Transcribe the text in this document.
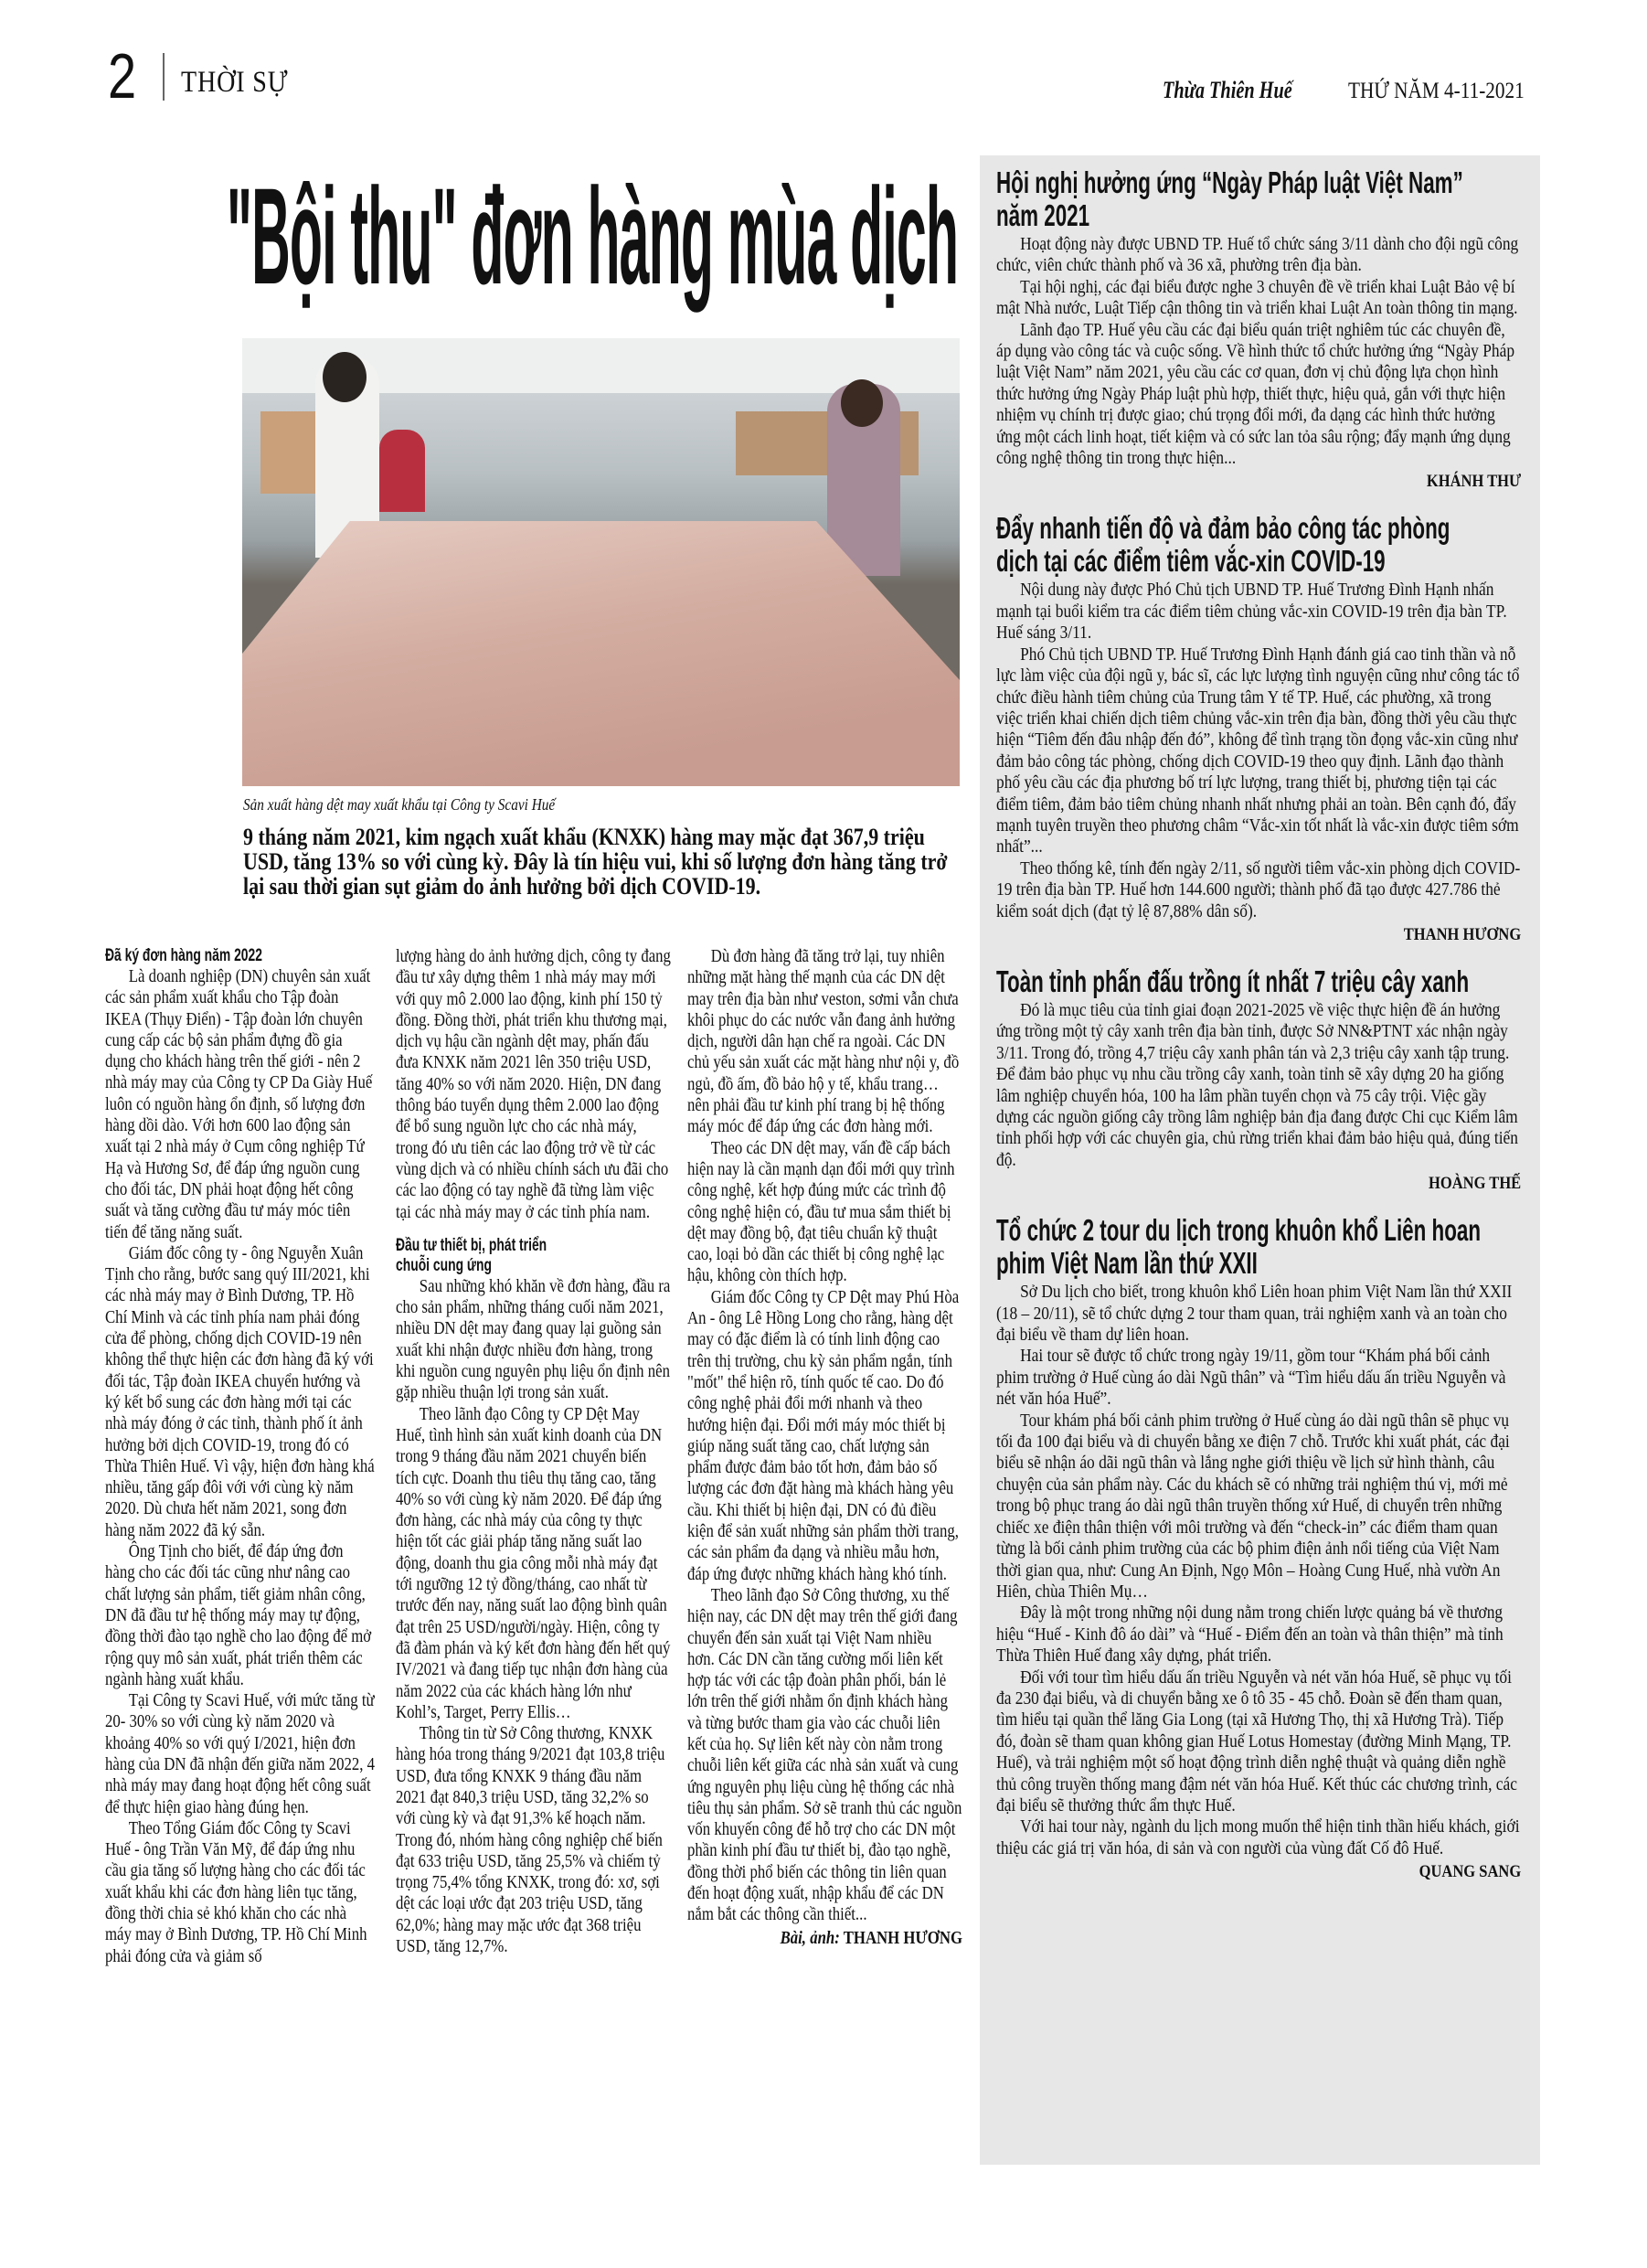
2 THỜI SỰ	Thừa Thiên Huế THỨ NĂM 4-11-2021
"Bội thu" đơn hàng mùa dịch
Sản xuất hàng dệt may xuất khẩu tại Công ty Scavi Huế
9 tháng năm 2021, kim ngạch xuất khẩu (KNXK) hàng may mặc đạt 367,9 triệu USD, tăng 13% so với cùng kỳ. Đây là tín hiệu vui, khi số lượng đơn hàng tăng trở lại sau thời gian sụt giảm do ảnh hưởng bởi dịch COVID-19.
Đã ký đơn hàng năm 2022

Là doanh nghiệp (DN) chuyên sản xuất các sản phẩm xuất khẩu cho Tập đoàn IKEA (Thụy Điển) - Tập đoàn lớn chuyên cung cấp các bộ sản phẩm đựng đồ gia dụng cho khách hàng trên thế giới - nên 2 nhà máy may của Công ty CP Da Giày Huế luôn có nguồn hàng ổn định, số lượng đơn hàng dồi dào. Với hơn 600 lao động sản xuất tại 2 nhà máy ở Cụm công nghiệp Tứ Hạ và Hương Sơ, để đáp ứng nguồn cung cho đối tác, DN phải hoạt động hết công suất và tăng cường đầu tư máy móc tiên tiến để tăng năng suất.

Giám đốc công ty - ông Nguyễn Xuân Tịnh cho rằng, bước sang quý III/2021, khi các nhà máy may ở Bình Dương, TP. Hồ Chí Minh và các tỉnh phía nam phải đóng cửa để phòng, chống dịch COVID-19 nên không thể thực hiện các đơn hàng đã ký với đối tác, Tập đoàn IKEA chuyển hướng và ký kết bổ sung các đơn hàng mới tại các nhà máy đóng ở các tỉnh, thành phố ít ảnh hưởng bởi dịch COVID-19, trong đó có Thừa Thiên Huế. Vì vậy, hiện đơn hàng khá nhiều, tăng gấp đôi với với cùng kỳ năm 2020. Dù chưa hết năm 2021, song đơn hàng năm 2022 đã ký sẵn.

Ông Tịnh cho biết, để đáp ứng đơn hàng cho các đối tác cũng như nâng cao chất lượng sản phẩm, tiết giảm nhân công, DN đã đầu tư hệ thống máy may tự động, đồng thời đào tạo nghề cho lao động để mở rộng quy mô sản xuất, phát triển thêm các ngành hàng xuất khẩu.

Tại Công ty Scavi Huế, với mức tăng từ 20- 30% so với cùng kỳ năm 2020 và khoảng 40% so với quý I/2021, hiện đơn hàng của DN đã nhận đến giữa năm 2022, 4 nhà máy may đang hoạt động hết công suất để thực hiện giao hàng đúng hẹn.

Theo Tổng Giám đốc Công ty Scavi Huế - ông Trần Văn Mỹ, để đáp ứng nhu cầu gia tăng số lượng hàng cho các đối tác xuất khẩu khi các đơn hàng liên tục tăng, đồng thời chia sẻ khó khăn cho các nhà máy may ở Bình Dương, TP. Hồ Chí Minh phải đóng cửa và giảm số

lượng hàng do ảnh hưởng dịch, công ty đang đầu tư xây dựng thêm 1 nhà máy may mới với quy mô 2.000 lao động, kinh phí 150 tỷ đồng. Đồng thời, phát triển khu thương mại, dịch vụ hậu cần ngành dệt may, phấn đấu đưa KNXK năm 2021 lên 350 triệu USD, tăng 40% so với năm 2020. Hiện, DN đang thông báo tuyển dụng thêm 2.000 lao động để bổ sung nguồn lực cho các nhà máy, trong đó ưu tiên các lao động trở về từ các vùng dịch và có nhiều chính sách ưu đãi cho các lao động có tay nghề đã từng làm việc tại các nhà máy may ở các tỉnh phía nam.

Đầu tư thiết bị, phát triển chuỗi cung ứng

Sau những khó khăn về đơn hàng, đầu ra cho sản phẩm, những tháng cuối năm 2021, nhiều DN dệt may đang quay lại guồng sản xuất khi nhận được nhiều đơn hàng, trong khi nguồn cung nguyên phụ liệu ổn định nên gặp nhiều thuận lợi trong sản xuất.

Theo lãnh đạo Công ty CP Dệt May Huế, tình hình sản xuất kinh doanh của DN trong 9 tháng đầu năm 2021 chuyển biến tích cực. Doanh thu tiêu thụ tăng cao, tăng 40% so với cùng kỳ năm 2020. Để đáp ứng đơn hàng, các nhà máy của công ty thực hiện tốt các giải pháp tăng năng suất lao động, doanh thu gia công mỗi nhà máy đạt tới ngưỡng 12 tỷ đồng/tháng, cao nhất từ trước đến nay, năng suất lao động bình quân đạt trên 25 USD/người/ngày. Hiện, công ty đã đàm phán và ký kết đơn hàng đến hết quý IV/2021 và đang tiếp tục nhận đơn hàng của năm 2022 của các khách hàng lớn như Kohl’s, Target, Perry Ellis…

Thông tin từ Sở Công thương, KNXK hàng hóa trong tháng 9/2021 đạt 103,8 triệu USD, đưa tổng KNXK 9 tháng đầu năm 2021 đạt 840,3 triệu USD, tăng 32,2% so với cùng kỳ và đạt 91,3% kế hoạch năm. Trong đó, nhóm hàng công nghiệp chế biến đạt 633 triệu USD, tăng 25,5% và chiếm tỷ trọng 75,4% tổng KNXK, trong đó: xơ, sợi dệt các loại ước đạt 203 triệu USD, tăng 62,0%; hàng may mặc ước đạt 368 triệu USD, tăng 12,7%.

Dù đơn hàng đã tăng trở lại, tuy nhiên những mặt hàng thế mạnh của các DN dệt may trên địa bàn như veston, sơmi vẫn chưa khôi phục do các nước vẫn đang ảnh hưởng dịch, người dân hạn chế ra ngoài. Các DN chủ yếu sản xuất các mặt hàng như nội y, đồ ngủ, đồ ấm, đồ bảo hộ y tế, khẩu trang… nên phải đầu tư kinh phí trang bị hệ thống máy móc để đáp ứng các đơn hàng mới.

Theo các DN dệt may, vấn đề cấp bách hiện nay là cần mạnh dạn đổi mới quy trình công nghệ, kết hợp đúng mức các trình độ công nghệ hiện có, đầu tư mua sắm thiết bị dệt may đồng bộ, đạt tiêu chuẩn kỹ thuật cao, loại bỏ dần các thiết bị công nghệ lạc hậu, không còn thích hợp.

Giám đốc Công ty CP Dệt may Phú Hòa An - ông Lê Hồng Long cho rằng, hàng dệt may có đặc điểm là có tính linh động cao trên thị trường, chu kỳ sản phẩm ngắn, tính "mốt" thể hiện rõ, tính quốc tế cao. Do đó công nghệ phải đổi mới nhanh và theo hướng hiện đại. Đổi mới máy móc thiết bị giúp năng suất tăng cao, chất lượng sản phẩm được đảm bảo tốt hơn, đảm bảo số lượng các đơn đặt hàng mà khách hàng yêu cầu. Khi thiết bị hiện đại, DN có đủ điều kiện để sản xuất những sản phẩm thời trang, các sản phẩm đa dạng và nhiều mẫu hơn, đáp ứng được những khách hàng khó tính.

Theo lãnh đạo Sở Công thương, xu thế hiện nay, các DN dệt may trên thế giới đang chuyển đến sản xuất tại Việt Nam nhiều hơn. Các DN cần tăng cường mối liên kết hợp tác với các tập đoàn phân phối, bán lẻ lớn trên thế giới nhằm ổn định khách hàng và từng bước tham gia vào các chuỗi liên kết của họ. Sự liên kết này còn nằm trong chuỗi liên kết giữa các nhà sản xuất và cung ứng nguyên phụ liệu cùng hệ thống các nhà tiêu thụ sản phẩm. Sở sẽ tranh thủ các nguồn vốn khuyến công để hỗ trợ cho các DN một phần kinh phí đầu tư thiết bị, đào tạo nghề, đồng thời phổ biến các thông tin liên quan đến hoạt động xuất, nhập khẩu để các DN nắm bắt các thông cần thiết...

Bài, ảnh: THANH HƯƠNG
Hội nghị hưởng ứng “Ngày Pháp luật Việt Nam” năm 2021

Hoạt động này được UBND TP. Huế tổ chức sáng 3/11 dành cho đội ngũ công chức, viên chức thành phố và 36 xã, phường trên địa bàn.

Tại hội nghị, các đại biểu được nghe 3 chuyên đề về triển khai Luật Bảo vệ bí mật Nhà nước, Luật Tiếp cận thông tin và triển khai Luật An toàn thông tin mạng.

Lãnh đạo TP. Huế yêu cầu các đại biểu quán triệt nghiêm túc các chuyên đề, áp dụng vào công tác và cuộc sống. Về hình thức tổ chức hưởng ứng “Ngày Pháp luật Việt Nam” năm 2021, yêu cầu các cơ quan, đơn vị chủ động lựa chọn hình thức hưởng ứng Ngày Pháp luật phù hợp, thiết thực, hiệu quả, gắn với thực hiện nhiệm vụ chính trị được giao; chú trọng đổi mới, đa dạng các hình thức hưởng ứng một cách linh hoạt, tiết kiệm và có sức lan tỏa sâu rộng; đẩy mạnh ứng dụng công nghệ thông tin trong thực hiện...

KHÁNH THƯ
Đẩy nhanh tiến độ và đảm bảo công tác phòng dịch tại các điểm tiêm vắc-xin COVID-19

Nội dung này được Phó Chủ tịch UBND TP. Huế Trương Đình Hạnh nhấn mạnh tại buổi kiểm tra các điểm tiêm chủng vắc-xin COVID-19 trên địa bàn TP. Huế sáng 3/11.

Phó Chủ tịch UBND TP. Huế Trương Đình Hạnh đánh giá cao tinh thần và nỗ lực làm việc của đội ngũ y, bác sĩ, các lực lượng tình nguyện cũng như công tác tổ chức điều hành tiêm chủng của Trung tâm Y tế TP. Huế, các phường, xã trong việc triển khai chiến dịch tiêm chủng vắc-xin trên địa bàn, đồng thời yêu cầu thực hiện “Tiêm đến đâu nhập đến đó”, không để tình trạng tồn đọng vắc-xin cũng như đảm bảo công tác phòng, chống dịch COVID-19 theo quy định. Lãnh đạo thành phố yêu cầu các địa phương bố trí lực lượng, trang thiết bị, phương tiện tại các điểm tiêm, đảm bảo tiêm chủng nhanh nhất nhưng phải an toàn. Bên cạnh đó, đẩy mạnh tuyên truyền theo phương châm “Vắc-xin tốt nhất là vắc-xin được tiêm sớm nhất”...

Theo thống kê, tính đến ngày 2/11, số người tiêm vắc-xin phòng dịch COVID-19 trên địa bàn TP. Huế hơn 144.600 người; thành phố đã tạo được 427.786 thẻ kiểm soát dịch (đạt tỷ lệ 87,88% dân số).

THANH HƯƠNG
Toàn tỉnh phấn đấu trồng ít nhất 7 triệu cây xanh

Đó là mục tiêu của tỉnh giai đoạn 2021-2025 về việc thực hiện đề án hưởng ứng trồng một tỷ cây xanh trên địa bàn tỉnh, được Sở NN&PTNT xác nhận ngày 3/11. Trong đó, trồng 4,7 triệu cây xanh phân tán và 2,3 triệu cây xanh tập trung. Để đảm bảo phục vụ nhu cầu trồng cây xanh, toàn tỉnh sẽ xây dựng 20 ha giống lâm nghiệp chuyển hóa, 100 ha lâm phần tuyển chọn và 75 cây trội. Việc gầy dựng các nguồn giống cây trồng lâm nghiệp bản địa đang được Chi cục Kiểm lâm tỉnh phối hợp với các chuyên gia, chủ rừng triển khai đảm bảo hiệu quả, đúng tiến độ.

HOÀNG THẾ
Tổ chức 2 tour du lịch trong khuôn khổ Liên hoan phim Việt Nam lần thứ XXII

Sở Du lịch cho biết, trong khuôn khổ Liên hoan phim Việt Nam lần thứ XXII (18 – 20/11), sẽ tổ chức dựng 2 tour tham quan, trải nghiệm xanh và an toàn cho đại biểu về tham dự liên hoan.

Hai tour sẽ được tổ chức trong ngày 19/11, gồm tour “Khám phá bối cảnh phim trường ở Huế cùng áo dài Ngũ thân” và “Tìm hiểu dấu ấn triều Nguyễn và nét văn hóa Huế”.

Tour khám phá bối cảnh phim trường ở Huế cùng áo dài ngũ thân sẽ phục vụ tối đa 100 đại biểu và di chuyển bằng xe điện 7 chỗ. Trước khi xuất phát, các đại biểu sẽ nhận áo dãi ngũ thân và lắng nghe giới thiệu về lịch sử hình thành, câu chuyện của sản phẩm này. Các du khách sẽ có những trải nghiệm thú vị, mới mẻ trong bộ phục trang áo dài ngũ thân truyền thống xứ Huế, di chuyển trên những chiếc xe điện thân thiện với môi trường và đến “check-in” các điểm tham quan từng là bối cảnh phim trường của các bộ phim điện ảnh nổi tiếng của Việt Nam thời gian qua, như: Cung An Định, Ngọ Môn – Hoàng Cung Huế, nhà vườn An Hiên, chùa Thiên Mụ…

Đây là một trong những nội dung nằm trong chiến lược quảng bá về thương hiệu “Huế - Kinh đô áo dài” và “Huế - Điểm đến an toàn và thân thiện” mà tỉnh Thừa Thiên Huế đang xây dựng, phát triển.

Đối với tour tìm hiểu dấu ấn triều Nguyễn và nét văn hóa Huế, sẽ phục vụ tối đa 230 đại biểu, và di chuyển bằng xe ô tô 35 - 45 chỗ. Đoàn sẽ đến tham quan, tìm hiểu tại quần thể lăng Gia Long (tại xã Hương Thọ, thị xã Hương Trà). Tiếp đó, đoàn sẽ tham quan không gian Huế Lotus Homestay (đường Minh Mạng, TP. Huế), và trải nghiệm một số hoạt động trình diễn nghệ thuật và quảng diễn nghề thủ công truyền thống mang đậm nét văn hóa Huế. Kết thúc các chương trình, các đại biểu sẽ thưởng thức ẩm thực Huế.

Với hai tour này, ngành du lịch mong muốn thể hiện tinh thần hiếu khách, giới thiệu các giá trị văn hóa, di sản và con người của vùng đất Cố đô Huế.

QUANG SANG
